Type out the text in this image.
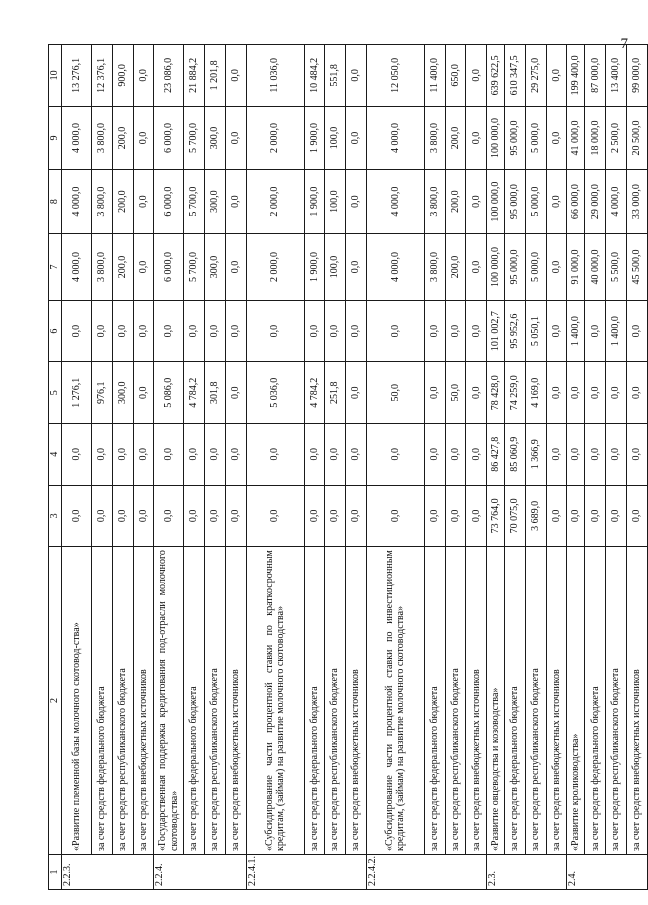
7
1	2	3	4	5	6	7	8	9	10
2.2.3.	«Развитие племенной базы молочного скотовод-ства»	0,0	0,0	1 276,1	0,0	4 000,0	4 000,0	4 000,0	13 276,1
	за счет средств федерального бюджета	0,0	0,0	976,1	0,0	3 800,0	3 800,0	3 800,0	12 376,1
	за счет средств республиканского бюджета	0,0	0,0	300,0	0,0	200,0	200,0	200,0	900,0
	за счет средств внебюджетных источников	0,0	0,0	0,0	0,0	0,0	0,0	0,0	0,0
2.2.4.	«Государственная поддержка кредитования под-отрасли молочного скотоводства»	0,0	0,0	5 086,0	0,0	6 000,0	6 000,0	6 000,0	23 086,0
	за счет средств федерального бюджета	0,0	0,0	4 784,2	0,0	5 700,0	5 700,0	5 700,0	21 884,2
	за счет средств республиканского бюджета	0,0	0,0	301,8	0,0	300,0	300,0	300,0	1 201,8
	за счет средств внебюджетных источников	0,0	0,0	0,0	0,0	0,0	0,0	0,0	0,0
2.2.4.1.	«Субсидирование части процентной ставки по краткосрочным кредитам, (займам) на развитие молочного скотоводства»	0,0	0,0	5 036,0	0,0	2 000,0	2 000,0	2 000,0	11 036,0
	за счет средств федерального бюджета	0,0	0,0	4 784,2	0,0	1 900,0	1 900,0	1 900,0	10 484,2
	за счет средств республиканского бюджета	0,0	0,0	251,8	0,0	100,0	100,0	100,0	551,8
	за счет средств внебюджетных источников	0,0	0,0	0,0	0,0	0,0	0,0	0,0	0,0
2.2.4.2.	«Субсидирование части процентной ставки по инвестиционным кредитам, (займам) на развитие молочного скотоводства»	0,0	0,0	50,0	0,0	4 000,0	4 000,0	4 000,0	12 050,0
	за счет средств федерального бюджета	0,0	0,0	0,0	0,0	3 800,0	3 800,0	3 800,0	11 400,0
	за счет средств республиканского бюджета	0,0	0,0	50,0	0,0	200,0	200,0	200,0	650,0
	за счет средств внебюджетных источников	0,0	0,0	0,0	0,0	0,0	0,0	0,0	0,0
2.3.	«Развитие овцеводства и козоводства»	73 764,0	86 427,8	78 428,0	101 002,7	100 000,0	100 000,0	100 000,0	639 622,5
	за счет средств федерального бюджета	70 075,0	85 060,9	74 259,0	95 952,6	95 000,0	95 000,0	95 000,0	610 347,5
	за счет средств республиканского бюджета	3 689,0	1 366,9	4 169,0	5 050,1	5 000,0	5 000,0	5 000,0	29 275,0
	за счет средств внебюджетных источников	0,0	0,0	0,0	0,0	0,0	0,0	0,0	0,0
2.4.	«Развитие кролиководства»	0,0	0,0	0,0	1 400,0	91 000,0	66 000,0	41 000,0	199 400,0
	за счет средств федерального бюджета	0,0	0,0	0,0	0,0	40 000,0	29 000,0	18 000,0	87 000,0
	за счет средств республиканского бюджета	0,0	0,0	0,0	1 400,0	5 500,0	4 000,0	2 500,0	13 400,0
	за счет средств внебюджетных источников	0,0	0,0	0,0	0,0	45 500,0	33 000,0	20 500,0	99 000,0
